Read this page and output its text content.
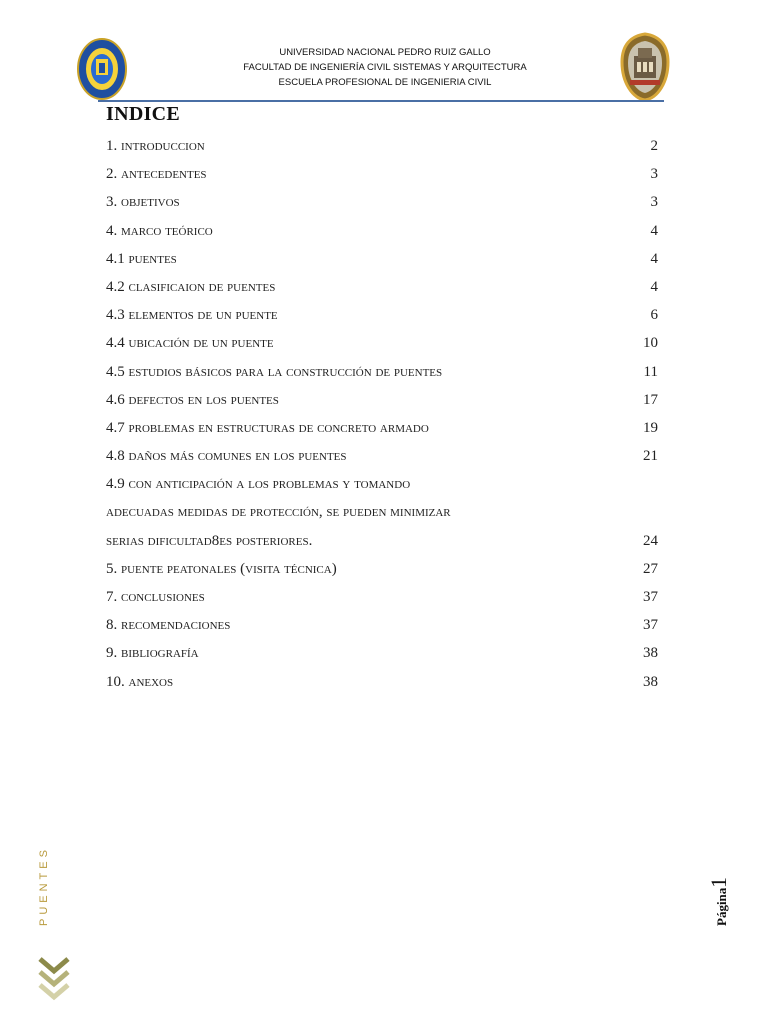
UNIVERSIDAD NACIONAL PEDRO RUIZ GALLO
FACULTAD DE INGENIERÍA CIVIL SISTEMAS Y ARQUITECTURA
ESCUELA PROFESIONAL DE INGENIERIA CIVIL
INDICE
1. introduccion	2
2. antecedentes	3
3. objetivos	3
4. marco teórico	4
4.1 puentes	4
4.2 clasificaion de puentes	4
4.3 elementos de un puente	6
4.4 ubicación de un puente	10
4.5 estudios básicos para la construcción de puentes	11
4.6 defectos en los puentes	17
4.7 problemas en estructuras de concreto armado	19
4.8 daños más comunes en los puentes	21
4.9 con anticipación a los problemas y tomando
adecuadas medidas de protección, se pueden minimizar
serias dificultad8es posteriores.	24
5. puente peatonales (visita técnica)	27
7. conclusiones	37
8. recomendaciones	37
9. bibliografía	38
10. anexos	38
PUENTES	Página
1
